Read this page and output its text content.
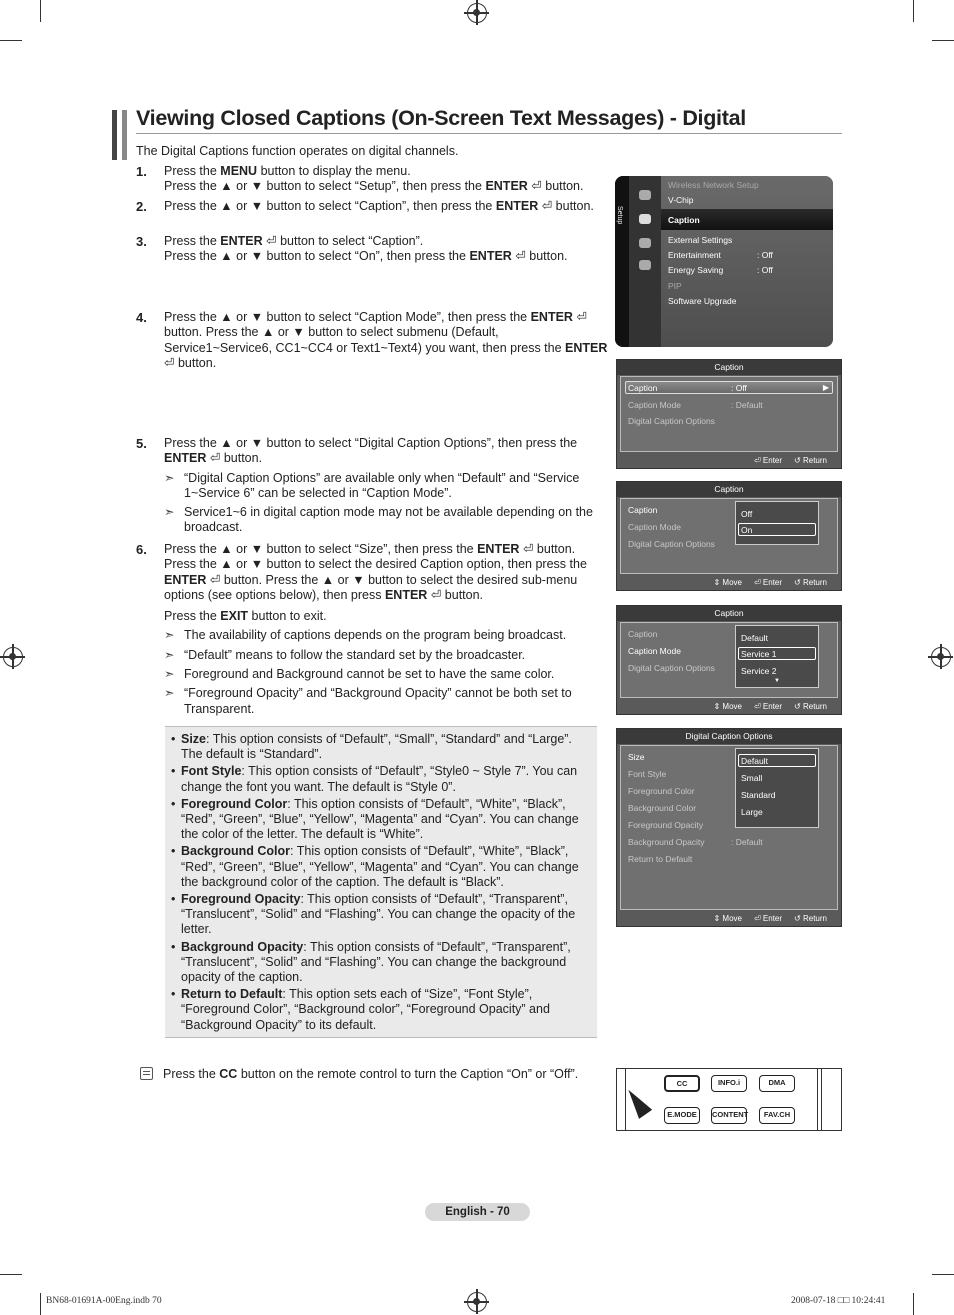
Viewing Closed Captions (On-Screen Text Messages) - Digital
The Digital Captions function operates on digital channels.
1. Press the MENU button to display the menu.

Press the ▲ or ▼ button to select “Setup”, then press the ENTER ⏎ button.

2. Press the ▲ or ▼ button to select “Caption”, then press the ENTER ⏎ button.

3. Press the ENTER ⏎ button to select “Caption”.

Press the ▲ or ▼ button to select “On”, then press the ENTER ⏎ button.

4. Press the ▲ or ▼ button to select “Caption Mode”, then press the ENTER ⏎ button. Press the ▲ or ▼ button to select submenu (Default, Service1~Service6, CC1~CC4 or Text1~Text4) you want, then press the ENTER ⏎ button.

5. Press the ▲ or ▼ button to select “Digital Caption Options”, then press the ENTER ⏎ button.

➣ “Digital Caption Options” are available only when “Default” and “Service 1~Service 6” can be selected in “Caption Mode”.
➣ Service1~6 in digital caption mode may not be available depending on the broadcast.
6. Press the ▲ or ▼ button to select “Size”, then press the ENTER ⏎ button. Press the ▲ or ▼ button to select the desired Caption option, then press the ENTER ⏎ button. Press the ▲ or ▼ button to select the desired sub-menu options (see options below), then press ENTER ⏎ button.

Press the EXIT button to exit.

➣ The availability of captions depends on the program being broadcast.
➣ “Default” means to follow the standard set by the broadcaster.
➣ Foreground and Background cannot be set to have the same color.
➣ “Foreground Opacity” and “Background Opacity” cannot be both set to Transparent.
• Size: This option consists of “Default”, “Small”, “Standard” and “Large”. The default is “Standard”.
• Font Style: This option consists of “Default”, “Style0 ~ Style 7”. You can change the font you want. The default is “Style 0”.
• Foreground Color: This option consists of “Default”, “White”, “Black”, “Red”, “Green”, “Blue”, “Yellow”, “Magenta” and “Cyan”. You can change the color of the letter. The default is “White”.
• Background Color: This option consists of “Default”, “White”, “Black”, “Red”, “Green”, “Blue”, “Yellow”, “Magenta” and “Cyan”. You can change the background color of the caption. The default is “Black”.
• Foreground Opacity: This option consists of “Default”, “Transparent”, “Translucent”, “Solid” and “Flashing”. You can change the opacity of the letter.
• Background Opacity: This option consists of “Default”, “Transparent”, “Translucent”, “Solid” and “Flashing”. You can change the background opacity of the caption.
• Return to Default: This option sets each of “Size”, “Font Style”, “Foreground Color”, “Background color”, “Foreground Opacity” and “Background Opacity” to its default.
Press the CC button on the remote control to turn the Caption “On” or “Off”.
Setup
Wireless Network Setup
V-Chip
Caption
External Settings
Entertainment	: Off
Energy Saving	: Off
PIP
Software Upgrade
Caption
Caption	: Off	▶
Caption Mode	: Default
Digital Caption Options
⏎ Enter ↺ Return
Caption
Caption
Caption Mode
Digital Caption Options
Off
On
⇕ Move ⏎ Enter ↺ Return
Caption
Caption
Caption Mode
Digital Caption Options
Default
Service 1
Service 2
▼
⇕ Move ⏎ Enter ↺ Return
Digital Caption Options
Size
Font Style
Foreground Color
Background Color
Foreground Opacity
Background Opacity	: Default
Return to Default
Default
Small
Standard
Large
⇕ Move ⏎ Enter ↺ Return
CC	INFO.i	DMA
E.MODE	CONTENT	FAV.CH
English - 70
BN68-01691A-00Eng.indb 70	2008-07-18 □□ 10:24:41
